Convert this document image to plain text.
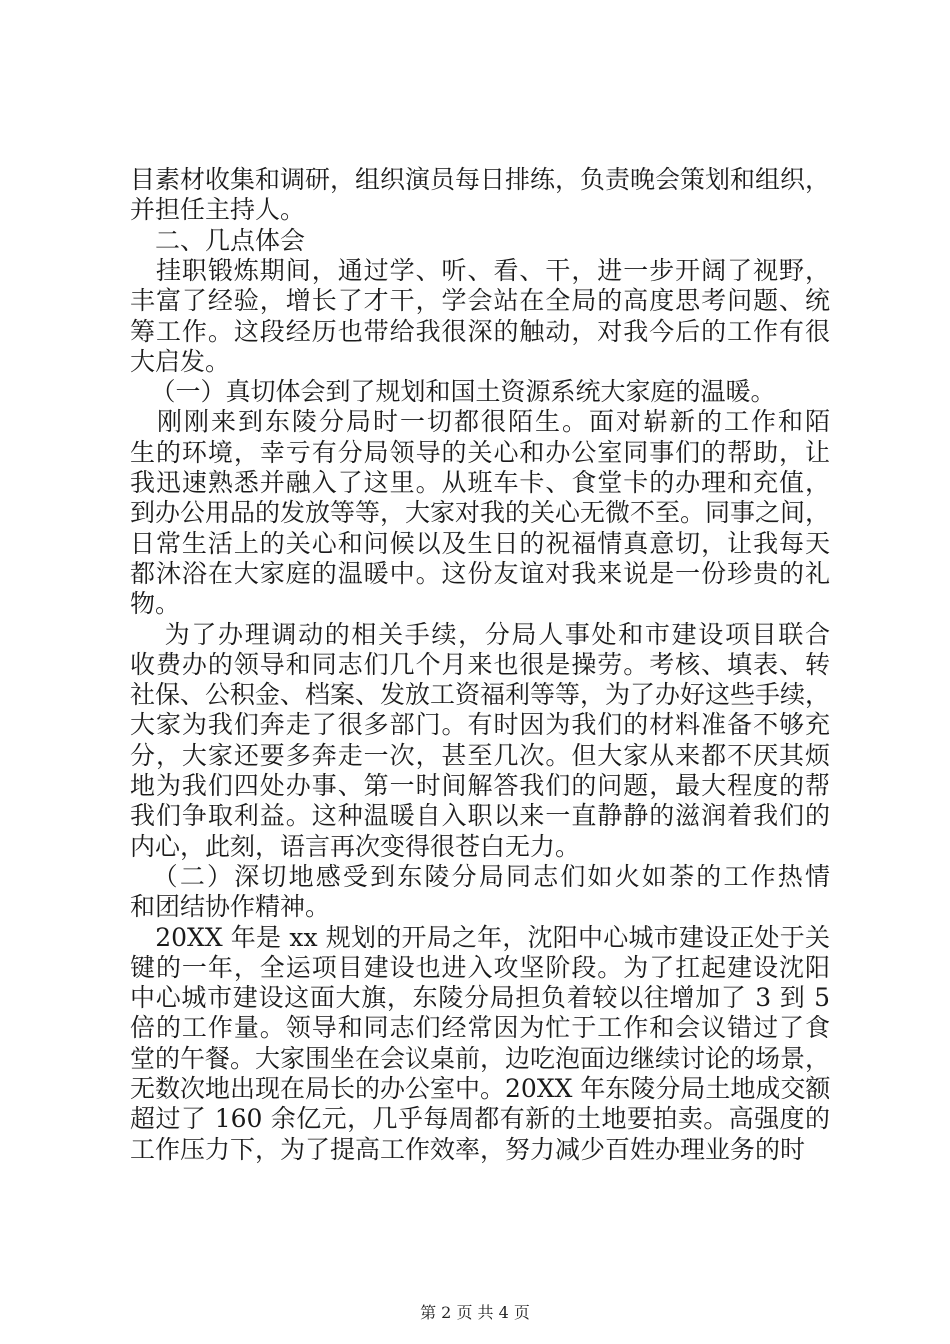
目素材收集和调研，组织演员每日排练，负责晚会策划和组织，
并担任主持人。
　二、几点体会
　挂职锻炼期间，通过学、听、看、干，进一步开阔了视野，
丰富了经验，增长了才干，学会站在全局的高度思考问题、统
筹工作。这段经历也带给我很深的触动，对我今后的工作有很
大启发。
　（一）真切体会到了规划和国土资源系统大家庭的温暖。
　刚刚来到东陵分局时一切都很陌生。面对崭新的工作和陌
生的环境，幸亏有分局领导的关心和办公室同事们的帮助，让
我迅速熟悉并融入了这里。从班车卡、食堂卡的办理和充值，
到办公用品的发放等等，大家对我的关心无微不至。同事之间，
日常生活上的关心和问候以及生日的祝福情真意切，让我每天
都沐浴在大家庭的温暖中。这份友谊对我来说是一份珍贵的礼
物。
　为了办理调动的相关手续，分局人事处和市建设项目联合
收费办的领导和同志们几个月来也很是操劳。考核、填表、转
社保、公积金、档案、发放工资福利等等，为了办好这些手续，
大家为我们奔走了很多部门。有时因为我们的材料准备不够充
分，大家还要多奔走一次，甚至几次。但大家从来都不厌其烦
地为我们四处办事、第一时间解答我们的问题，最大程度的帮
我们争取利益。这种温暖自入职以来一直静静的滋润着我们的
内心，此刻，语言再次变得很苍白无力。
　（二）深切地感受到东陵分局同志们如火如荼的工作热情
和团结协作精神。
　20XX 年是 xx 规划的开局之年，沈阳中心城市建设正处于关
键的一年，全运项目建设也进入攻坚阶段。为了扛起建设沈阳
中心城市建设这面大旗，东陵分局担负着较以往增加了 3 到 5
倍的工作量。领导和同志们经常因为忙于工作和会议错过了食
堂的午餐。大家围坐在会议桌前，边吃泡面边继续讨论的场景，
无数次地出现在局长的办公室中。20XX 年东陵分局土地成交额
超过了 160 余亿元，几乎每周都有新的土地要拍卖。高强度的
工作压力下，为了提高工作效率，努力减少百姓办理业务的时
第 2 页 共 4 页
